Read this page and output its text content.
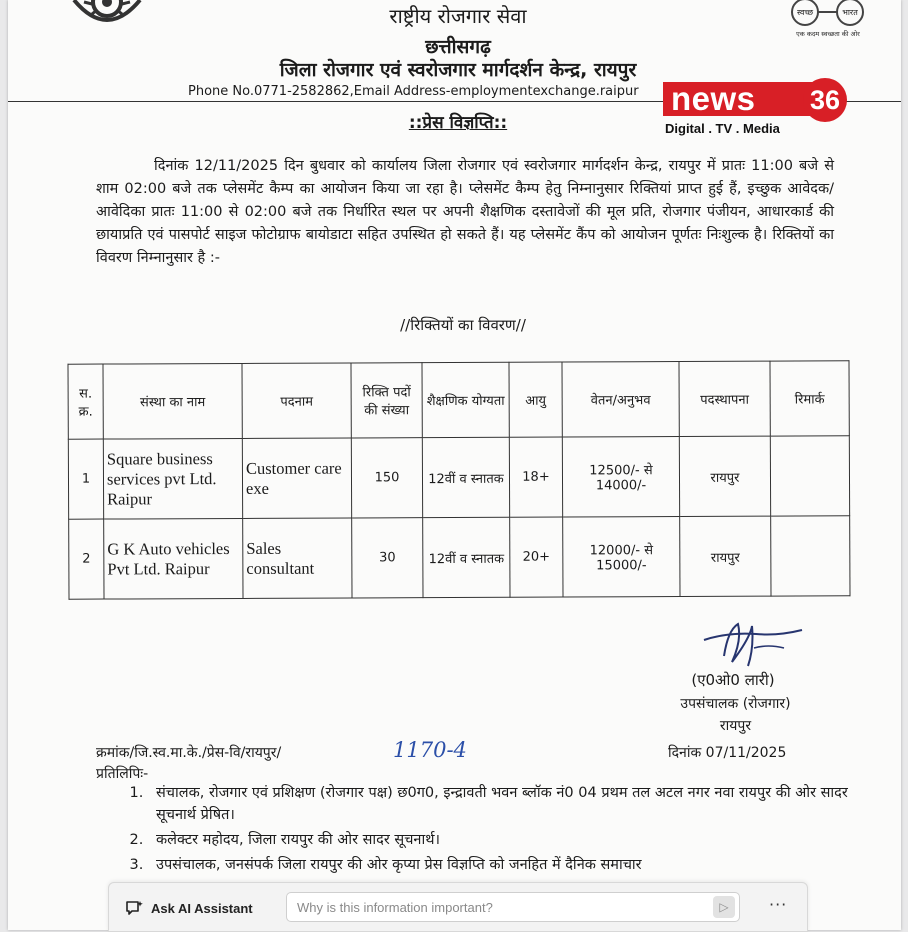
स्वच्छ	भारत
एक कदम स्वच्छता की ओर
राष्ट्रीय रोजगार सेवा
छत्तीसगढ़
जिला रोजगार एवं स्वरोजगार मार्गदर्शन केन्द्र, रायपुर
Phone No.0771-2582862,Email Address-employmentexchange.raipur
::प्रेस विज्ञप्ति::
news 36
Digital . TV . Media
दिनांक 12/11/2025 दिन बुधवार को कार्यालय जिला रोजगार एवं स्वरोजगार मार्गदर्शन केन्द्र, रायपुर में प्रातः 11:00 बजे से शाम 02:00 बजे तक प्लेसमेंट कैम्प का आयोजन किया जा रहा है। प्लेसमेंट कैम्प हेतु निम्नानुसार रिक्तियां प्राप्त हुई हैं, इच्छुक आवेदक/आवेदिका प्रातः 11:00 से 02:00 बजे तक निर्धारित स्थल पर अपनी शैक्षणिक दस्तावेजों की मूल प्रति, रोजगार पंजीयन, आधारकार्ड की छायाप्रति एवं पासपोर्ट साइज फोटोग्राफ बायोडाटा सहित उपस्थित हो सकते हैं। यह प्लेसमेंट कैंप को आयोजन पूर्णतः निःशुल्क है। रिक्तियों का विवरण निम्नानुसार है :-
//रिक्तियों का विवरण//
स. क्र.	संस्था का नाम	पदनाम	रिक्ति पदों की संख्या	शैक्षणिक योग्यता	आयु	वेतन/अनुभव	पदस्थापना	रिमार्क
1	Square business services pvt Ltd. Raipur	Customer care exe	150	12वीं व स्नातक	18+	12500/- से 14000/-	रायपुर	
2	G K Auto vehicles Pvt Ltd. Raipur	Sales consultant	30	12वीं व स्नातक	20+	12000/- से 15000/-	रायपुर	
(ए0ओ0 लारी)
उपसंचालक (रोजगार)
रायपुर
क्रमांक/जि.स्व.मा.के./प्रेस-वि/रायपुर/	1170-4	दिनांक 07/11/2025
प्रतिलिपिः-
1. संचालक, रोजगार एवं प्रशिक्षण (रोजगार पक्ष) छ0ग0, इन्द्रावती भवन ब्लॉक नं0 04 प्रथम तल अटल नगर नवा रायपुर की ओर सादर सूचनार्थ प्रेषित।
2. कलेक्टर महोदय, जिला रायपुर की ओर सादर सूचनार्थ।
3. उपसंचालक, जनसंपर्क जिला रायपुर की ओर कृप्या प्रेस विज्ञप्ति को जनहित में दैनिक समाचार
Ask AI Assistant
Why is this information important?	▷	···
